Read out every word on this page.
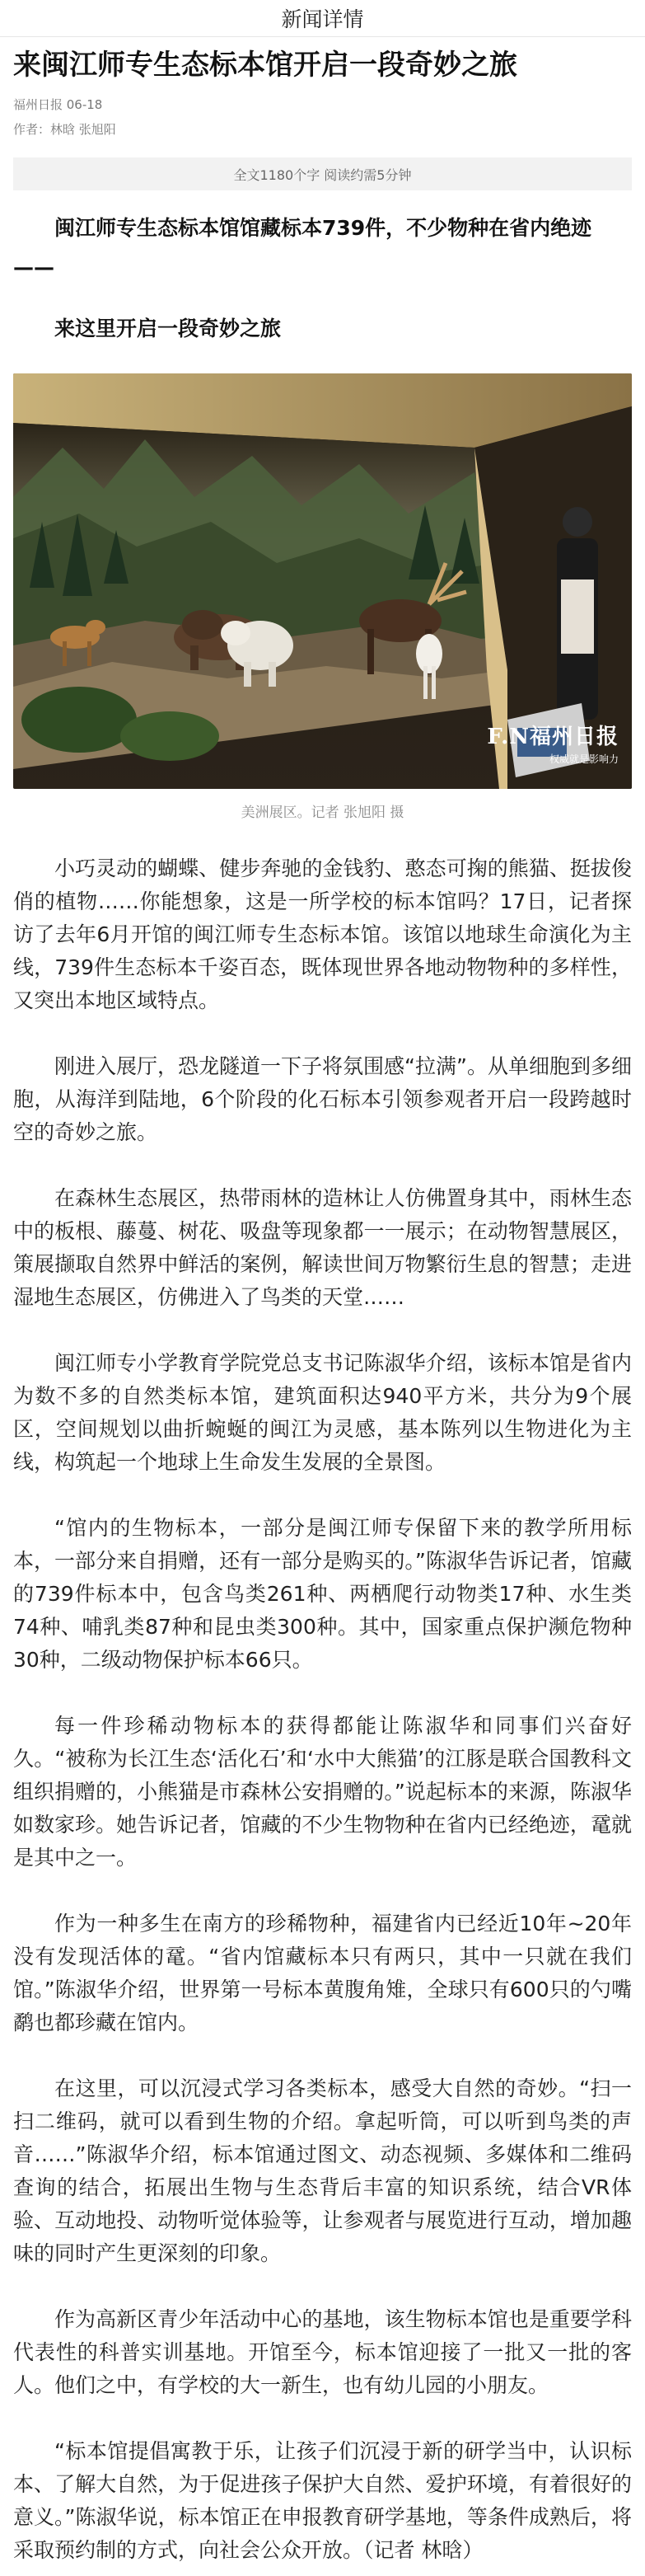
新闻详情
来闽江师专生态标本馆开启一段奇妙之旅
福州日报 06-18
作者：林晗 张旭阳
全文1180个字 阅读约需5分钟
闽江师专生态标本馆馆藏标本739件，不少物种在省内绝迹——
来这里开启一段奇妙之旅
F.N福州日报
权威就是影响力
美洲展区。记者 张旭阳 摄

小巧灵动的蝴蝶、健步奔驰的金钱豹、憨态可掬的熊猫、挺拔俊俏的植物……你能想象，这是一所学校的标本馆吗？17日，记者探访了去年6月开馆的闽江师专生态标本馆。该馆以地球生命演化为主线，739件生态标本千姿百态，既体现世界各地动物物种的多样性，又突出本地区域特点。

刚进入展厅，恐龙隧道一下子将氛围感“拉满”。从单细胞到多细胞，从海洋到陆地，6个阶段的化石标本引领参观者开启一段跨越时空的奇妙之旅。

在森林生态展区，热带雨林的造林让人仿佛置身其中，雨林生态中的板根、藤蔓、树花、吸盘等现象都一一展示；在动物智慧展区，策展撷取自然界中鲜活的案例，解读世间万物繁衍生息的智慧；走进湿地生态展区，仿佛进入了鸟类的天堂……

闽江师专小学教育学院党总支书记陈淑华介绍，该标本馆是省内为数不多的自然类标本馆，建筑面积达940平方米，共分为9个展区，空间规划以曲折蜿蜒的闽江为灵感，基本陈列以生物进化为主线，构筑起一个地球上生命发生发展的全景图。

“馆内的生物标本，一部分是闽江师专保留下来的教学所用标本，一部分来自捐赠，还有一部分是购买的。”陈淑华告诉记者，馆藏的739件标本中，包含鸟类261种、两栖爬行动物类17种、水生类74种、哺乳类87种和昆虫类300种。其中，国家重点保护濒危物种30种，二级动物保护标本66只。

每一件珍稀动物标本的获得都能让陈淑华和同事们兴奋好久。“被称为长江生态‘活化石’和‘水中大熊猫’的江豚是联合国教科文组织捐赠的，小熊猫是市森林公安捐赠的。”说起标本的来源，陈淑华如数家珍。她告诉记者，馆藏的不少生物物种在省内已经绝迹，鼋就是其中之一。

作为一种多生在南方的珍稀物种，福建省内已经近10年~20年没有发现活体的鼋。“省内馆藏标本只有两只，其中一只就在我们馆。”陈淑华介绍，世界第一号标本黄腹角雉，全球只有600只的勺嘴鹬也都珍藏在馆内。

在这里，可以沉浸式学习各类标本，感受大自然的奇妙。“扫一扫二维码，就可以看到生物的介绍。拿起听筒，可以听到鸟类的声音……”陈淑华介绍，标本馆通过图文、动态视频、多媒体和二维码查询的结合，拓展出生物与生态背后丰富的知识系统，结合VR体验、互动地投、动物听觉体验等，让参观者与展览进行互动，增加趣味的同时产生更深刻的印象。

作为高新区青少年活动中心的基地，该生物标本馆也是重要学科代表性的科普实训基地。开馆至今，标本馆迎接了一批又一批的客人。他们之中，有学校的大一新生，也有幼儿园的小朋友。

“标本馆提倡寓教于乐，让孩子们沉浸于新的研学当中，认识标本、了解大自然，为于促进孩子保护大自然、爱护环境，有着很好的意义。”陈淑华说，标本馆正在申报教育研学基地，等条件成熟后，将采取预约制的方式，向社会公众开放。（记者 林晗）
